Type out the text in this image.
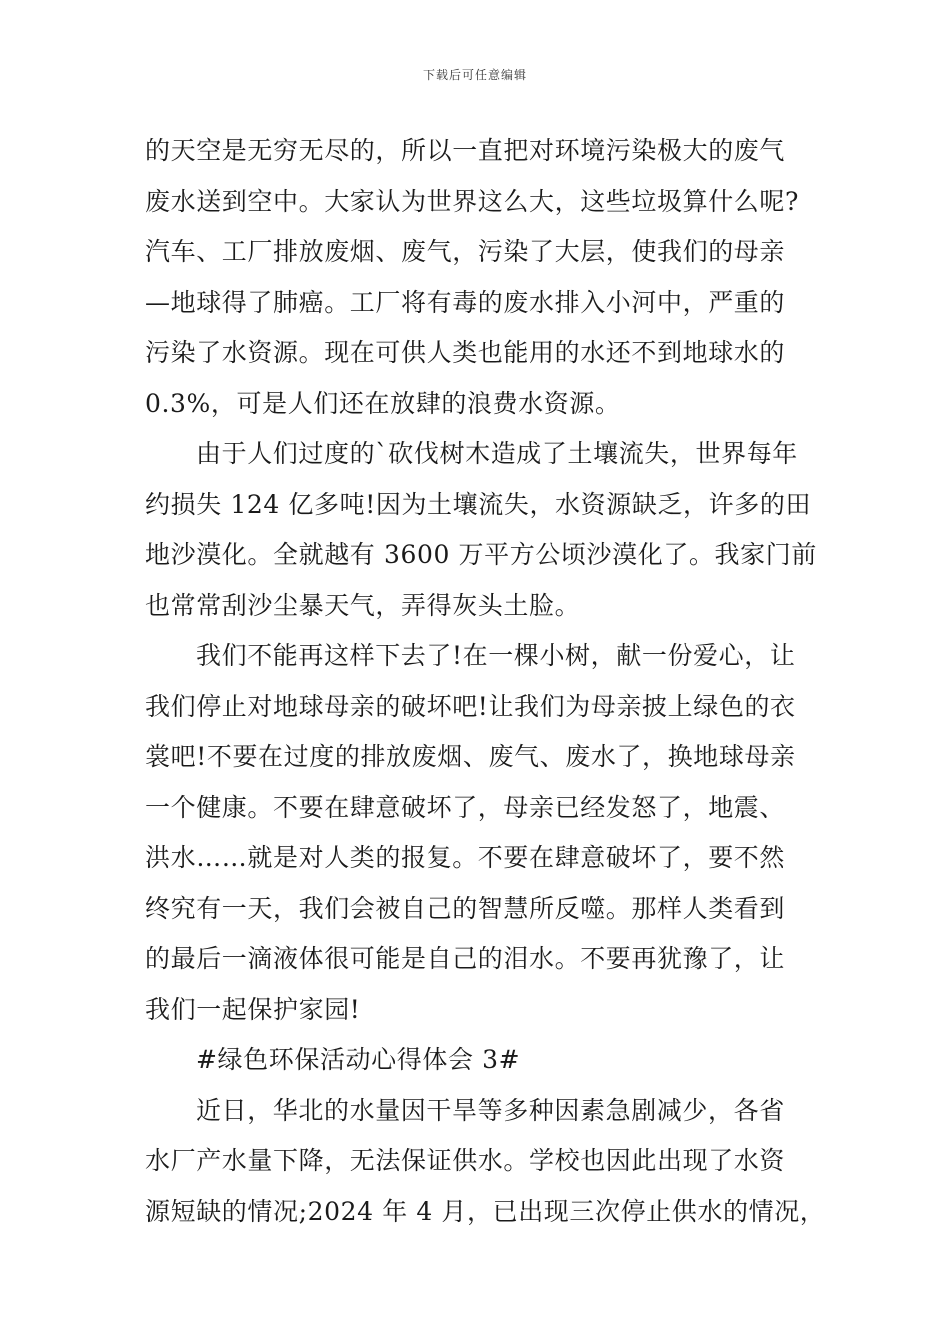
下载后可任意编辑
的天空是无穷无尽的，所以一直把对环境污染极大的废气
废水送到空中。大家认为世界这么大，这些垃圾算什么呢?
汽车、工厂排放废烟、废气，污染了大层，使我们的母亲
—地球得了肺癌。工厂将有毒的废水排入小河中，严重的
污染了水资源。现在可供人类也能用的水还不到地球水的
0.3%，可是人们还在放肆的浪费水资源。
由于人们过度的`砍伐树木造成了土壤流失，世界每年
约损失 124 亿多吨!因为土壤流失，水资源缺乏，许多的田
地沙漠化。全就越有 3600 万平方公顷沙漠化了。我家门前
也常常刮沙尘暴天气，弄得灰头土脸。
我们不能再这样下去了!在一棵小树，献一份爱心，让
我们停止对地球母亲的破坏吧!让我们为母亲披上绿色的衣
裳吧!不要在过度的排放废烟、废气、废水了，换地球母亲
一个健康。不要在肆意破坏了，母亲已经发怒了，地震、
洪水……就是对人类的报复。不要在肆意破坏了，要不然
终究有一天，我们会被自己的智慧所反噬。那样人类看到
的最后一滴液体很可能是自己的泪水。不要再犹豫了，让
我们一起保护家园!
#绿色环保活动心得体会 3#
近日，华北的水量因干旱等多种因素急剧减少，各省
水厂产水量下降，无法保证供水。学校也因此出现了水资
源短缺的情况;2024 年 4 月，已出现三次停止供水的情况，
